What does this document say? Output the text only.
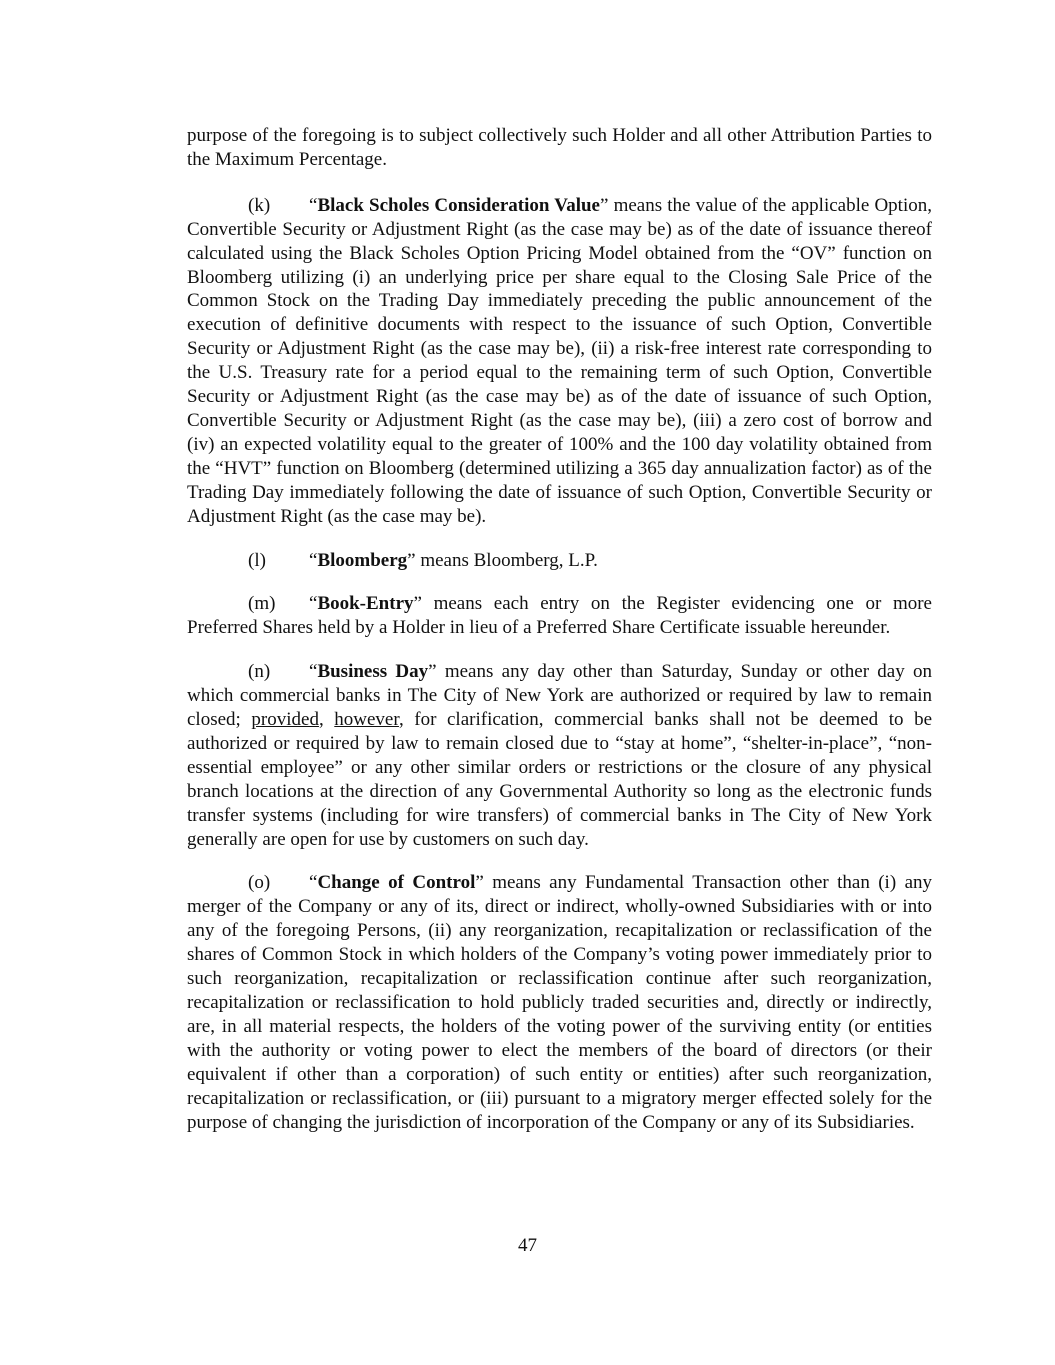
purpose of the foregoing is to subject collectively such Holder and all other Attribution Parties to the Maximum Percentage.

(k) “Black Scholes Consideration Value” means the value of the applicable Option, Convertible Security or Adjustment Right (as the case may be) as of the date of issuance thereof calculated using the Black Scholes Option Pricing Model obtained from the “OV” function on Bloomberg utilizing (i) an underlying price per share equal to the Closing Sale Price of the Common Stock on the Trading Day immediately preceding the public announcement of the execution of definitive documents with respect to the issuance of such Option, Convertible Security or Adjustment Right (as the case may be), (ii) a risk-free interest rate corresponding to the U.S. Treasury rate for a period equal to the remaining term of such Option, Convertible Security or Adjustment Right (as the case may be) as of the date of issuance of such Option, Convertible Security or Adjustment Right (as the case may be), (iii) a zero cost of borrow and (iv) an expected volatility equal to the greater of 100% and the 100 day volatility obtained from the “HVT” function on Bloomberg (determined utilizing a 365 day annualization factor) as of the Trading Day immediately following the date of issuance of such Option, Convertible Security or Adjustment Right (as the case may be).

(l) “Bloomberg” means Bloomberg, L.P.

(m) “Book-Entry” means each entry on the Register evidencing one or more Preferred Shares held by a Holder in lieu of a Preferred Share Certificate issuable hereunder.

(n) “Business Day” means any day other than Saturday, Sunday or other day on which commercial banks in The City of New York are authorized or required by law to remain closed; provided, however, for clarification, commercial banks shall not be deemed to be authorized or required by law to remain closed due to “stay at home”, “shelter-in-place”, “non-essential employee” or any other similar orders or restrictions or the closure of any physical branch locations at the direction of any Governmental Authority so long as the electronic funds transfer systems (including for wire transfers) of commercial banks in The City of New York generally are open for use by customers on such day.

(o) “Change of Control” means any Fundamental Transaction other than (i) any merger of the Company or any of its, direct or indirect, wholly-owned Subsidiaries with or into any of the foregoing Persons, (ii) any reorganization, recapitalization or reclassification of the shares of Common Stock in which holders of the Company’s voting power immediately prior to such reorganization, recapitalization or reclassification continue after such reorganization, recapitalization or reclassification to hold publicly traded securities and, directly or indirectly, are, in all material respects, the holders of the voting power of the surviving entity (or entities with the authority or voting power to elect the members of the board of directors (or their equivalent if other than a corporation) of such entity or entities) after such reorganization, recapitalization or reclassification, or (iii) pursuant to a migratory merger effected solely for the purpose of changing the jurisdiction of incorporation of the Company or any of its Subsidiaries.

47
